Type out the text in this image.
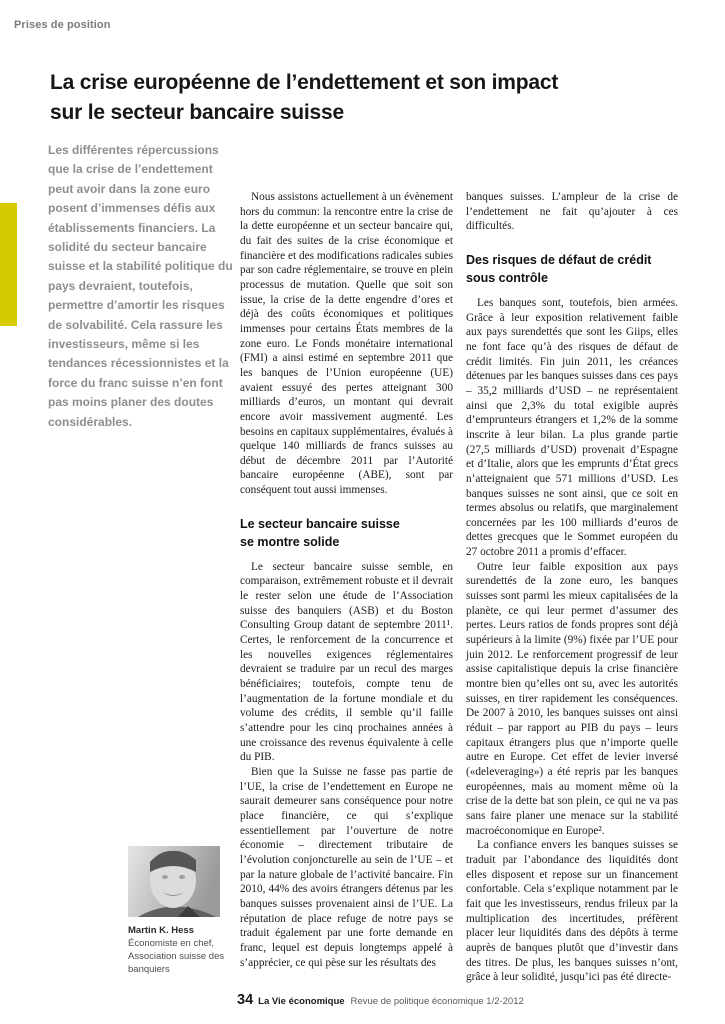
Prises de position
La crise européenne de l’endettement et son impact
sur le secteur bancaire suisse
Les différentes répercussions que la crise de l’endettement peut avoir dans la zone euro posent d’immenses défis aux établissements financiers. La solidité du secteur bancaire suisse et la stabilité politique du pays devraient, toutefois, permettre d’amortir les risques de solvabilité. Cela rassure les investisseurs, même si les tendances récessionnistes et la force du franc suisse n’en font pas moins planer des doutes considérables.

Nous assistons actuellement à un évènement hors du commun: la rencontre entre la crise de la dette européenne et un secteur bancaire qui, du fait des suites de la crise économique et financière et des modifications radicales subies par son cadre réglementaire, se trouve en plein processus de mutation. Quelle que soit son issue, la crise de la dette engendre d’ores et déjà des coûts économiques et politiques immenses pour certains États membres de la zone euro. Le Fonds monétaire international (FMI) a ainsi estimé en septembre 2011 que les banques de l’Union européenne (UE) avaient essuyé des pertes atteignant 300 milliards d’euros, un montant qui devrait encore avoir massivement augmenté. Les besoins en capitaux supplémentaires, évalués à quelque 140 milliards de francs suisses au début de décembre 2011 par l’Autorité bancaire européenne (ABE), sont par conséquent tout aussi immenses.

Le secteur bancaire suisse
se montre solide

Le secteur bancaire suisse semble, en comparaison, extrêmement robuste et il devrait le rester selon une étude de l’Association suisse des banquiers (ASB) et du Boston Consulting Group datant de septembre 2011¹. Certes, le renforcement de la concurrence et les nouvelles exigences réglementaires devraient se traduire par un recul des marges bénéficiaires; toutefois, compte tenu de l’augmentation de la fortune mondiale et du volume des crédits, il semble qu’il faille s’attendre pour les cinq prochaines années à une croissance des revenus équivalente à celle du PIB.

Bien que la Suisse ne fasse pas partie de l’UE, la crise de l’endettement en Europe ne saurait demeurer sans conséquence pour notre place financière, ce qui s’explique essentiellement par l’ouverture de notre économie – directement tributaire de l’évolution conjoncturelle au sein de l’UE – et par la nature globale de l’activité bancaire. Fin 2010, 44% des avoirs étrangers détenus par les banques suisses provenaient ainsi de l’UE. La réputation de place refuge de notre pays se traduit également par une forte demande en franc, lequel est depuis longtemps appelé à s’apprécier, ce qui pèse sur les résultats des

banques suisses. L’ampleur de la crise de l’endettement ne fait qu’ajouter à ces difficultés.

Des risques de défaut de crédit
sous contrôle

Les banques sont, toutefois, bien armées. Grâce à leur exposition relativement faible aux pays surendettés que sont les Giips, elles ne font face qu’à des risques de défaut de crédit limités. Fin juin 2011, les créances détenues par les banques suisses dans ces pays – 35,2 milliards d’USD – ne représentaient ainsi que 2,3% du total exigible auprès d’emprunteurs étrangers et 1,2% de la somme inscrite à leur bilan. La plus grande partie (27,5 milliards d’USD) provenait d’Espagne et d’Italie, alors que les emprunts d’État grecs n’atteignaient que 571 millions d’USD. Les banques suisses ne sont ainsi, que ce soit en termes absolus ou relatifs, que marginalement concernées par les 100 milliards d’euros de dettes grecques que le Sommet européen du 27 octobre 2011 a promis d’effacer.

Outre leur faible exposition aux pays surendettés de la zone euro, les banques suisses sont parmi les mieux capitalisées de la planète, ce qui leur permet d’assumer des pertes. Leurs ratios de fonds propres sont déjà supérieurs à la limite (9%) fixée par l’UE pour juin 2012. Le renforcement progressif de leur assise capitalistique depuis la crise financière montre bien qu’elles ont su, avec les autorités suisses, en tirer rapidement les conséquences. De 2007 à 2010, les banques suisses ont ainsi réduit – par rapport au PIB du pays – leurs capitaux étrangers plus que n’importe quelle autre en Europe. Cet effet de levier inversé («deleveraging») a été repris par les banques européennes, mais au moment même où la crise de la dette bat son plein, ce qui ne va pas sans faire planer une menace sur la stabilité macroéconomique en Europe².

La confiance envers les banques suisses se traduit par l’abondance des liquidités dont elles disposent et repose sur un financement confortable. Cela s’explique notamment par le fait que les investisseurs, rendus frileux par la multiplication des incertitudes, préfèrent placer leur liquidités dans des dépôts à terme auprès de banques plutôt que d’investir dans des titres. De plus, les banques suisses n’ont, grâce à leur solidité, jusqu’ici pas été directe-

Martin K. Hess
Économiste en chef, Association suisse des banquiers
34 La Vie économique Revue de politique économique 1/2-2012
